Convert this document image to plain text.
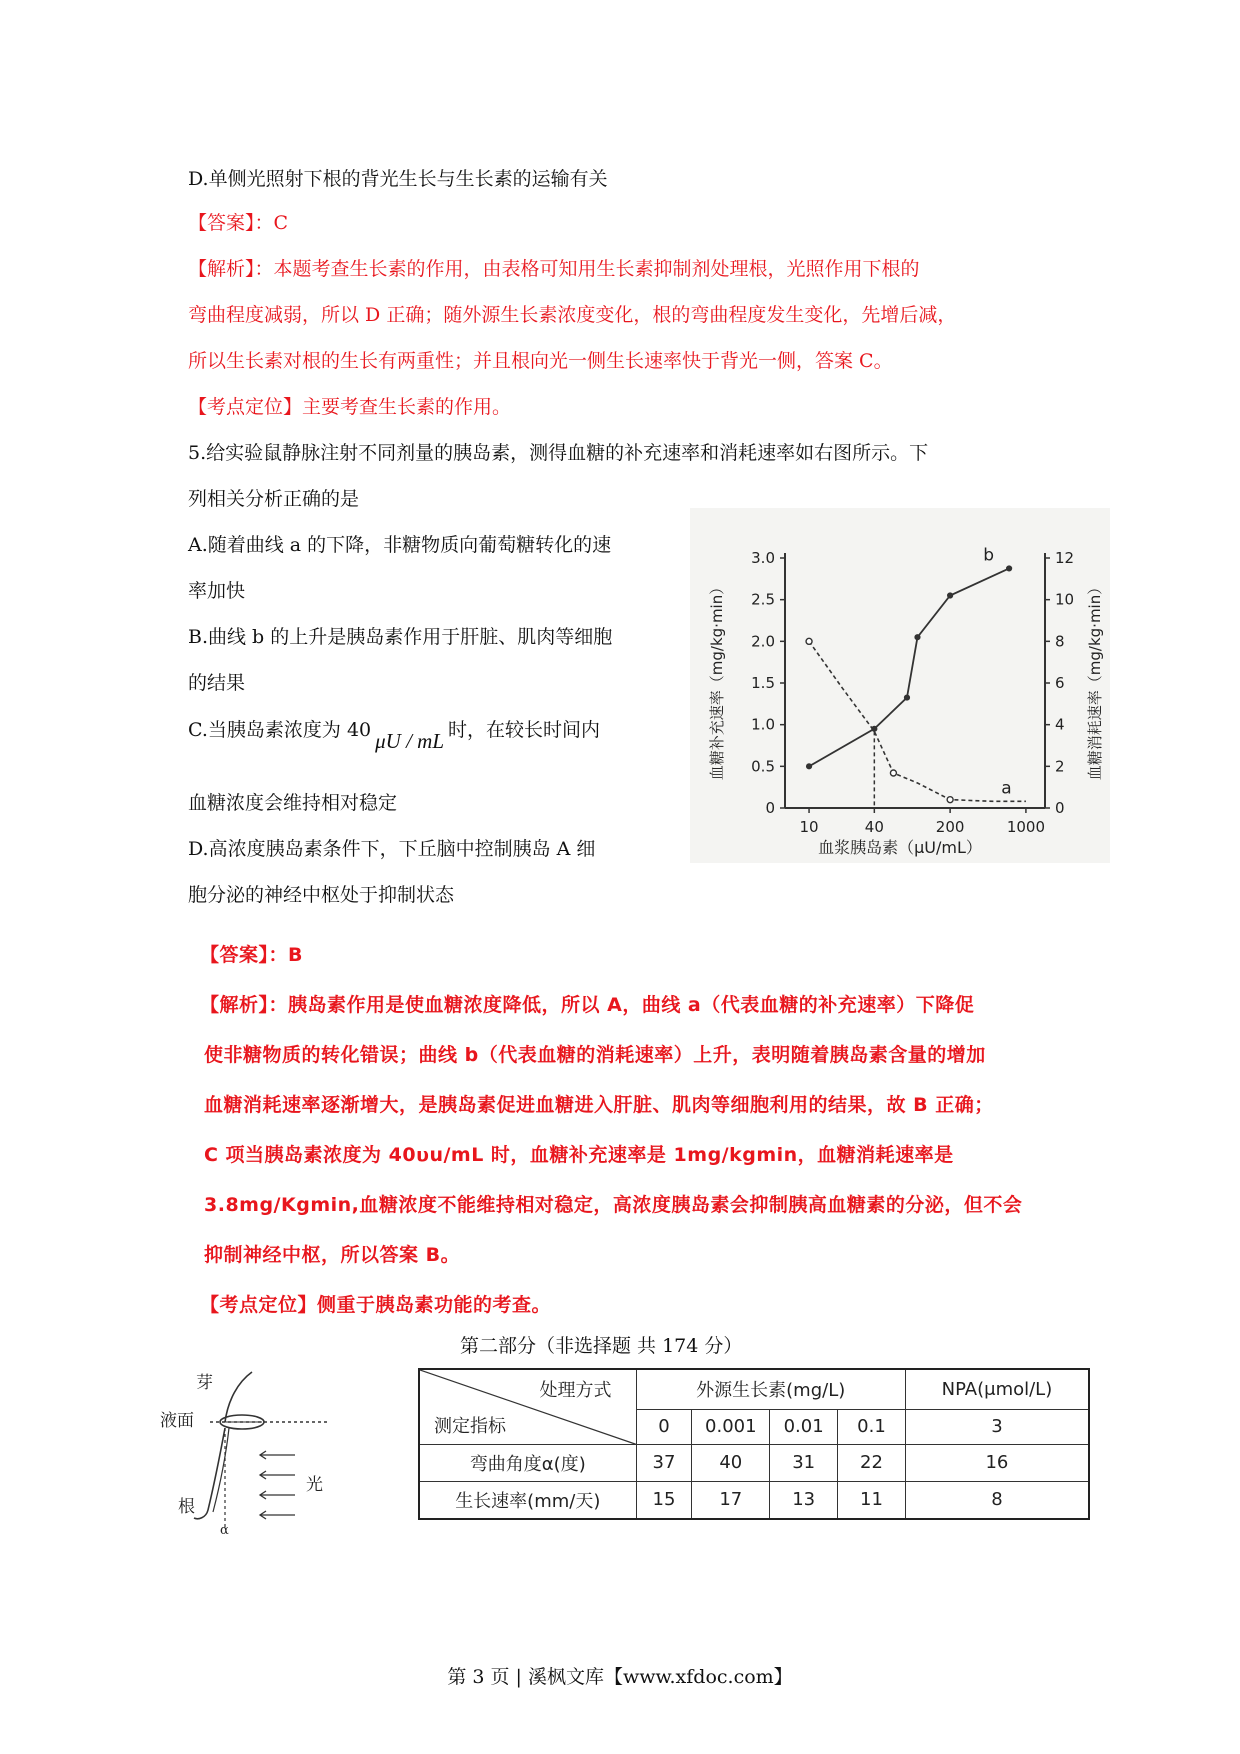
D.单侧光照射下根的背光生长与生长素的运输有关
【答案】：C
【解析】：本题考查生长素的作用，由表格可知用生长素抑制剂处理根，光照作用下根的
弯曲程度减弱，所以 D 正确；随外源生长素浓度变化，根的弯曲程度发生变化，先增后减，
所以生长素对根的生长有两重性；并且根向光一侧生长速率快于背光一侧，答案 C。
【考点定位】主要考查生长素的作用。
5.给实验鼠静脉注射不同剂量的胰岛素，测得血糖的补充速率和消耗速率如右图所示。下
列相关分析正确的是
A.随着曲线 a 的下降，非糖物质向葡萄糖转化的速
率加快
B.曲线 b 的上升是胰岛素作用于肝脏、肌肉等细胞
的结果
C.当胰岛素浓度为 40 μU / mL 时，在较长时间内
血糖浓度会维持相对稳定
D.高浓度胰岛素条件下，下丘脑中控制胰岛 A 细
胞分泌的神经中枢处于抑制状态
0
0.5
1.0
1.5
2.0
2.5
3.0
0
2
4
6
8
10
12
10	40	200	1000
a
b
血浆胰岛素（μU/mL）
血糖补充速率（mg/kg·min）	血糖消耗速率（mg/kg·min）
【答案】：B
【解析】：胰岛素作用是使血糖浓度降低，所以 A，曲线 a（代表血糖的补充速率）下降促
使非糖物质的转化错误；曲线 b（代表血糖的消耗速率）上升，表明随着胰岛素含量的增加
血糖消耗速率逐渐增大，是胰岛素促进血糖进入肝脏、肌肉等细胞利用的结果，故 B 正确；
C 项当胰岛素浓度为 40υu/mL 时，血糖补充速率是 1mg/kgmin，血糖消耗速率是
3.8mg/Kgmin,血糖浓度不能维持相对稳定，高浓度胰岛素会抑制胰高血糖素的分泌，但不会
抑制神经中枢，所以答案 B。
【考点定位】侧重于胰岛素功能的考查。
第二部分（非选择题 共 174 分）
芽
液面
根
α
光
处理方式
测定指标	外源生长素(mg/L)				NPA(μmol/L)
	0	0.001	0.01	0.1	3
弯曲角度α(度)	37	40	31	22	16
生长速率(mm/天)	15	17	13	11	8
第 3 页 | 溪枫文库【www.xfdoc.com】
